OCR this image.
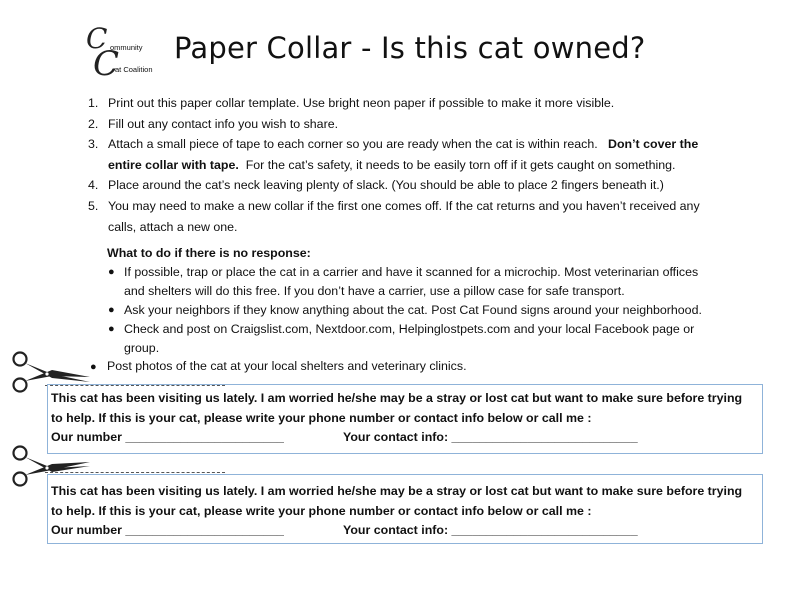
C ommunity
C
at Coalition
Paper Collar - Is this cat owned?
1. Print out this paper collar template. Use bright neon paper if possible to make it more visible.
2. Fill out any contact info you wish to share.
3. Attach a small piece of tape to each corner so you are ready when the cat is within reach.   Don’t cover the
entire collar with tape.  For the cat’s safety, it needs to be easily torn off if it gets caught on something.
4. Place around the cat’s neck leaving plenty of slack. (You should be able to place 2 fingers beneath it.)
5. You may need to make a new collar if the first one comes off. If the cat returns and you haven’t received any
calls, attach a new one.
What to do if there is no response:
● If possible, trap or place the cat in a carrier and have it scanned for a microchip. Most veterinarian offices
and shelters will do this free. If you don’t have a carrier, use a pillow case for safe transport.
● Ask your neighbors if they know anything about the cat. Post Cat Found signs around your neighborhood.
● Check and post on Craigslist.com, Nextdoor.com, Helpinglostpets.com and your local Facebook page or
group.
● Post photos of the cat at your local shelters and veterinary clinics.
This cat has been visiting us lately. I am worried he/she may be a stray or lost cat but want to make sure before trying
to help. If this is your cat, please write your phone number or contact info below or call me :
Our number _______________________	Your contact info: ___________________________
This cat has been visiting us lately. I am worried he/she may be a stray or lost cat but want to make sure before trying
to help. If this is your cat, please write your phone number or contact info below or call me :
Our number _______________________	Your contact info: ___________________________
